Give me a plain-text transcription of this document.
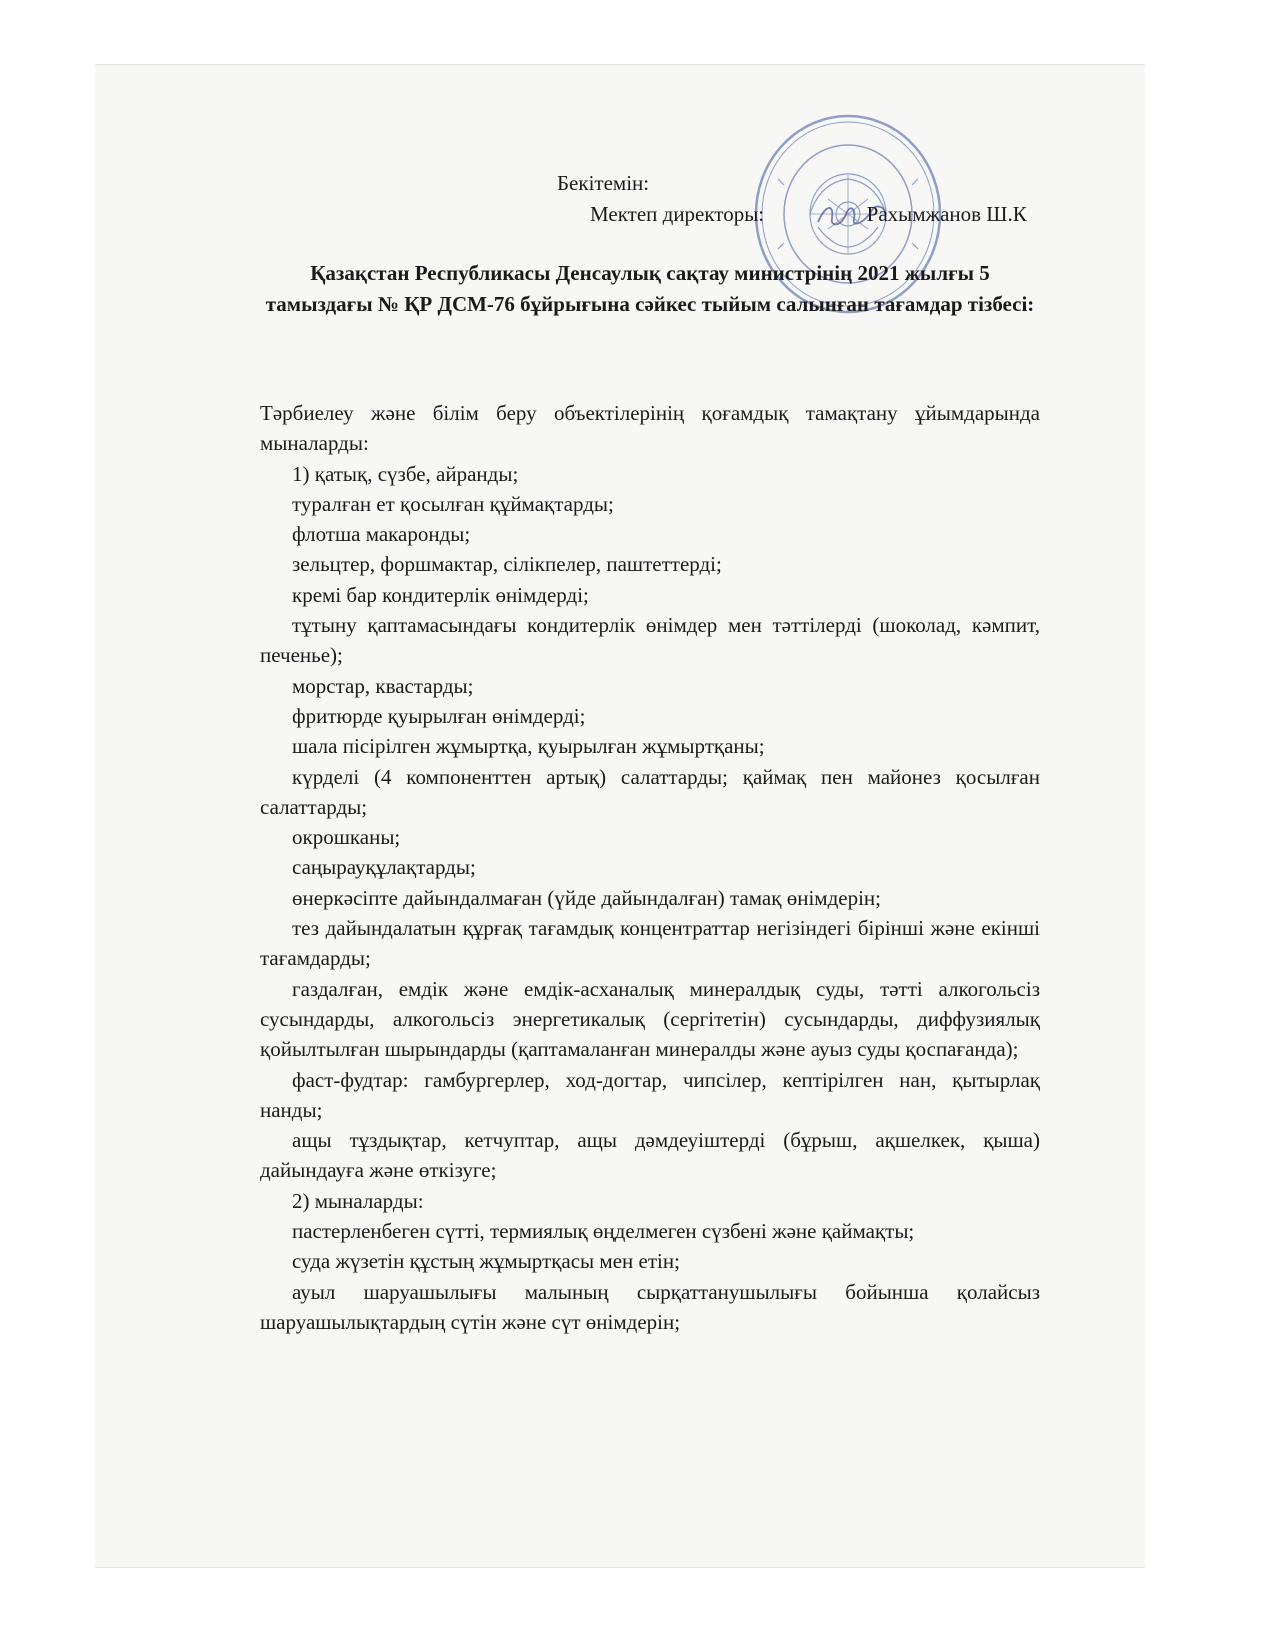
Бекітемін:
Мектеп директоры:	Рахымжанов Ш.К
Қазақстан Республикасы Денсаулық сақтау министрінің 2021 жылғы 5 тамыздағы № ҚР ДСМ-76 бұйрығына сәйкес тыйым салынған тағамдар тізбесі:

Тәрбиелеу және білім беру объектілерінің қоғамдық тамақтану ұйымдарында мыналарды:

1) қатық, сүзбе, айранды;

туралған ет қосылған құймақтарды;

флотша макаронды;

зельцтер, форшмактар, сілікпелер, паштеттерді;

кремі бар кондитерлік өнімдерді;

тұтыну қаптамасындағы кондитерлік өнімдер мен тәттілерді (шоколад, кәмпит, печенье);

морстар, квастарды;

фритюрде қуырылған өнімдерді;

шала пісірілген жұмыртқа, қуырылған жұмыртқаны;

күрделі (4 компоненттен артық) салаттарды; қаймақ пен майонез қосылған салаттарды;

окрошканы;

саңырауқұлақтарды;

өнеркәсіпте дайындалмаған (үйде дайындалған) тамақ өнімдерін;

тез дайындалатын құрғақ тағамдық концентраттар негізіндегі бірінші және екінші тағамдарды;

газдалған, емдік және емдік-асханалық минералдық суды, тәтті алкогольсіз сусындарды, алкогольсіз энергетикалық (сергітетін) сусындарды, диффузиялық қойылтылған шырындарды (қаптамаланған минералды және ауыз суды қоспағанда);

фаст-фудтар: гамбургерлер, ход-догтар, чипсілер, кептірілген нан, қытырлақ нанды;

ащы тұздықтар, кетчуптар, ащы дәмдеуіштерді (бұрыш, ақшелкек, қыша) дайындауға және өткізуге;

2) мыналарды:

пастерленбеген сүтті, термиялық өңделмеген сүзбені және қаймақты;

суда жүзетін құстың жұмыртқасы мен етін;

ауыл шаруашылығы малының сырқаттанушылығы бойынша қолайсыз шаруашылықтардың сүтін және сүт өнімдерін;
